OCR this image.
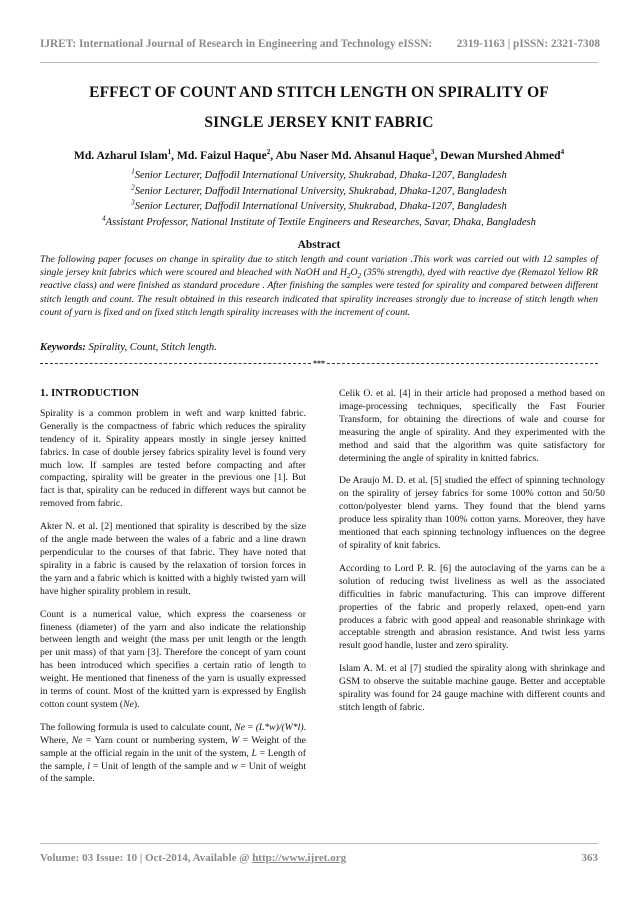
IJRET: International Journal of Research in Engineering and Technology eISSN: 2319-1163 | pISSN: 2321-7308
EFFECT OF COUNT AND STITCH LENGTH ON SPIRALITY OF
SINGLE JERSEY KNIT FABRIC
Md. Azharul Islam$^1$, Md. Faizul Haque$^2$, Abu Naser Md. Ahsanul Haque$^3$, Dewan Murshed Ahmed$^4$
$^1$Senior Lecturer, Daffodil International University, Shukrabad, Dhaka-1207, Bangladesh
$^2$Senior Lecturer, Daffodil International University, Shukrabad, Dhaka-1207, Bangladesh
$^3$Senior Lecturer, Daffodil International University, Shukrabad, Dhaka-1207, Bangladesh
$^4$Assistant Professor, National Institute of Textile Engineers and Researches, Savar, Dhaka, Bangladesh
Abstract
The following paper focuses on change in spirality due to stitch length and count variation .This work was carried out with 12 samples of single jersey knit fabrics which were scoured and bleached with NaOH and $H_2O_2$ (35% strength), dyed with reactive dye (Remazol Yellow RR reactive class) and were finished as standard procedure . After finishing the samples were tested for spirality and compared between different stitch length and count. The result obtained in this research indicated that spirality increases strongly due to increase of stitch length when count of yarn is fixed and on fixed stitch length spirality increases with the increment of count.
Keywords: Spirality, Count, Stitch length.
***
1. INTRODUCTION

Spirality is a common problem in weft and warp knitted fabric. Generally is the compactness of fabric which reduces the spirality tendency of it. Spirality appears mostly in single jersey knitted fabrics. In case of double jersey fabrics spirality level is found very much low. If samples are tested before compacting and after compacting, spirality will be greater in the previous one [1]. But fact is that, spirality can be reduced in different ways but cannot be removed from fabric.

Akter N. et al. [2] mentioned that spirality is described by the size of the angle made between the wales of a fabric and a line drawn perpendicular to the courses of that fabric. They have noted that spirality in a fabric is caused by the relaxation of torsion forces in the yarn and a fabric which is knitted with a highly twisted yarn will have higher spirality problem in result.

Count is a numerical value, which express the coarseness or fineness (diameter) of the yarn and also indicate the relationship between length and weight (the mass per unit length or the length per unit mass) of that yarn [3]. Therefore the concept of yarn count has been introduced which specifies a certain ratio of length to weight. He mentioned that fineness of the yarn is usually expressed in terms of count. Most of the knitted yarn is expressed by English cotton count system (Ne).

The following formula is used to calculate count, Ne = (L*w)/(W*l). Where, Ne = Yarn count or numbering system, W = Weight of the sample at the official regain in the unit of the system, L = Length of the sample, l = Unit of length of the sample and w = Unit of weight of the sample.

Celik O. et al. [4] in their article had proposed a method based on image-processing techniques, specifically the Fast Fourier Transform, for obtaining the directions of wale and course for measuring the angle of spirality. And they experimented with the method and said that the algorithm was quite satisfactory for determining the angle of spirality in knitted fabrics.

De Araujo M. D. et al. [5] studied the effect of spinning technology on the spirality of jersey fabrics for some 100% cotton and 50/50 cotton/polyester blend yarns. They found that the blend yarns produce less spirality than 100% cotton yarns. Moreover, they have mentioned that each spinning technology influences on the degree of spirality of knit fabrics.

According to Lord P. R. [6] the autoclaving of the yarns can be a solution of reducing twist liveliness as well as the associated difficulties in fabric manufacturing. This can improve different properties of the fabric and properly relaxed, open-end yarn produces a fabric with good appeal and reasonable shrinkage with acceptable strength and abrasion resistance. And twist less yarns result good handle, luster and zero spirality.

Islam A. M. et al [7] studied the spirality along with shrinkage and GSM to observe the suitable machine gauge. Better and acceptable spirality was found for 24 gauge machine with different counts and stitch length of fabric.

Volume: 03 Issue: 10 | Oct-2014, Available @ http://www.ijret.org	363
